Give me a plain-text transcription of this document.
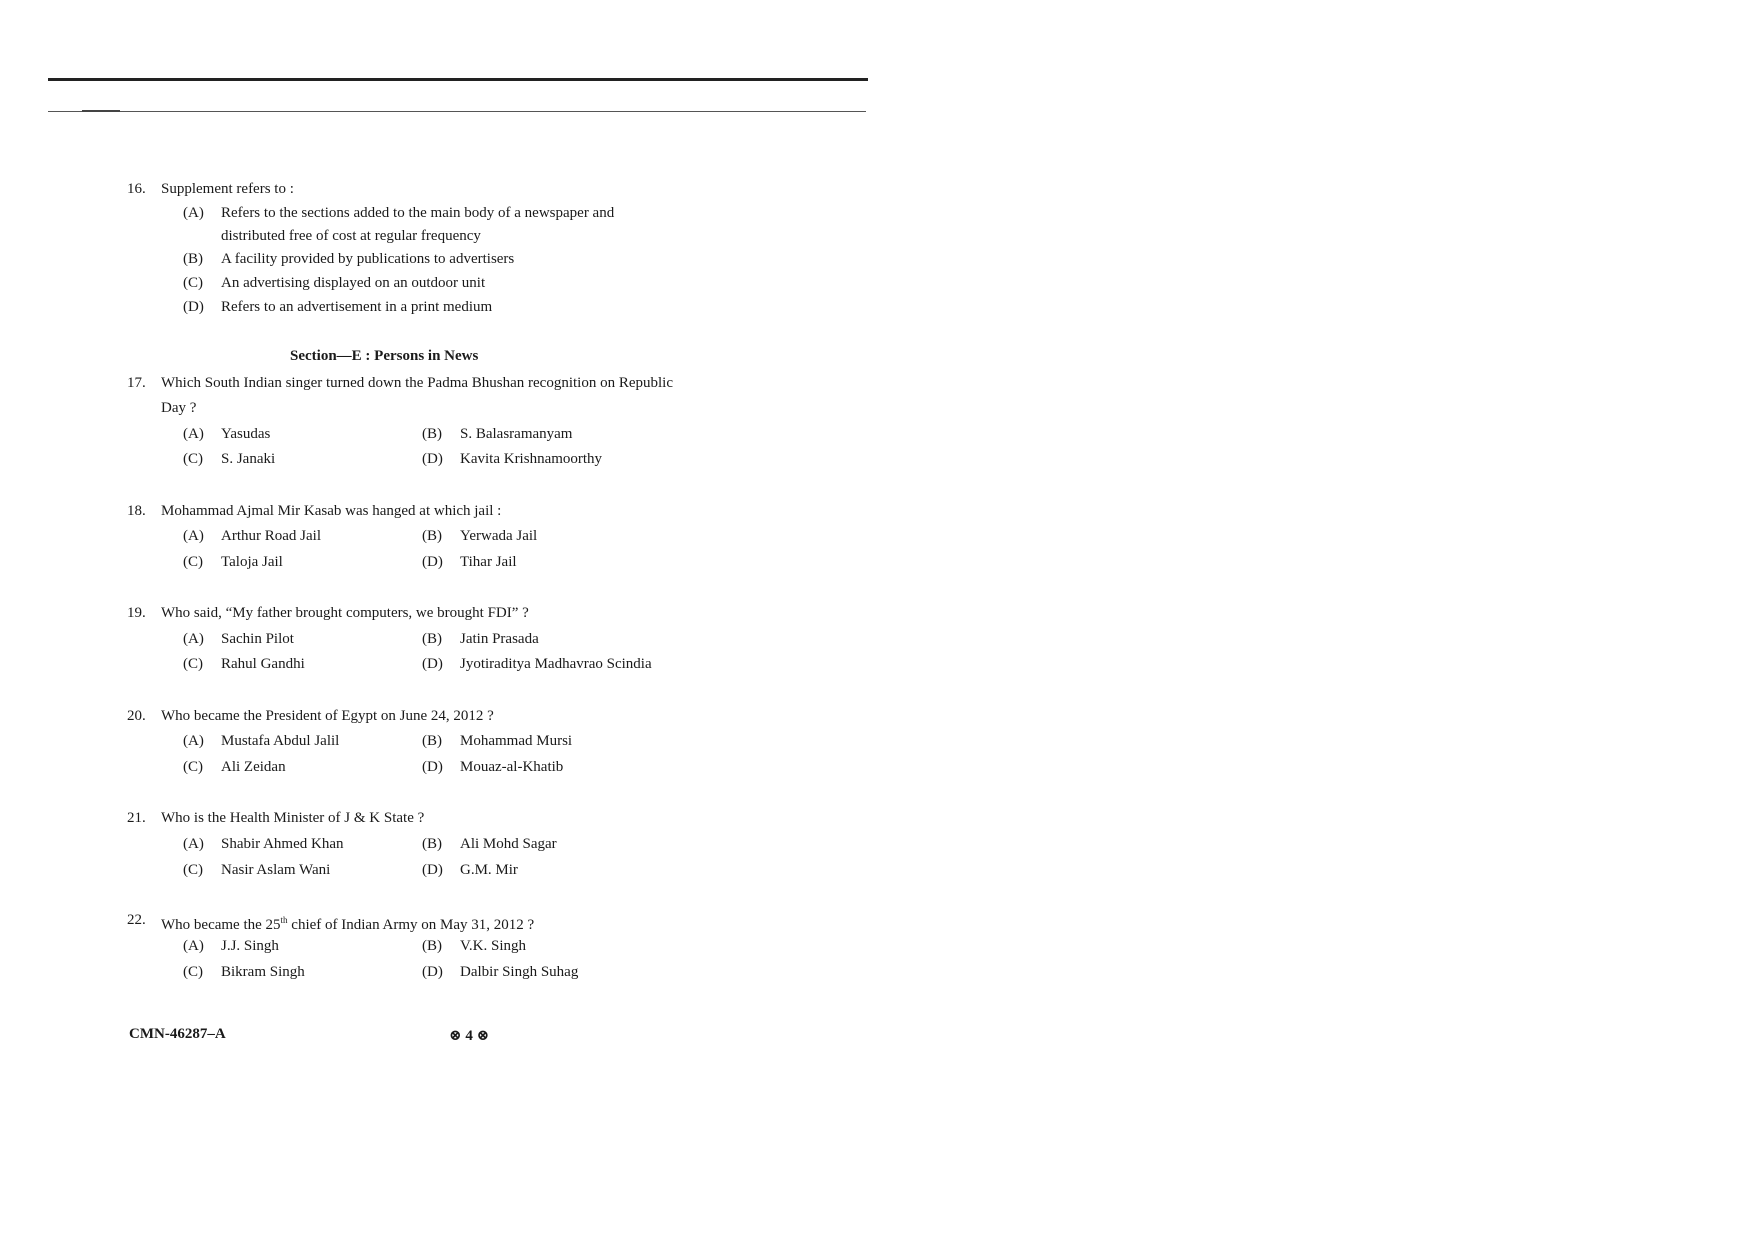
16.	Supplement refers to :
(A) Refers to the sections added to the main body of a newspaper and
distributed free of cost at regular frequency
(B) A facility provided by publications to advertisers
(C) An advertising displayed on an outdoor unit
(D) Refers to an advertisement in a print medium
Section—E : Persons in News
17.	Which South Indian singer turned down the Padma Bhushan recognition on Republic
Day ?
(A) Yasudas	(B) S. Balasramanyam
(C) S. Janaki	(D) Kavita Krishnamoorthy
18.	Mohammad Ajmal Mir Kasab was hanged at which jail :
(A) Arthur Road Jail	(B) Yerwada Jail
(C) Taloja Jail	(D) Tihar Jail
19.	Who said, “My father brought computers, we brought FDI” ?
(A) Sachin Pilot	(B) Jatin Prasada
(C) Rahul Gandhi	(D) Jyotiraditya Madhavrao Scindia
20.	Who became the President of Egypt on June 24, 2012 ?
(A) Mustafa Abdul Jalil	(B) Mohammad Mursi
(C) Ali Zeidan	(D) Mouaz-al-Khatib
21.	Who is the Health Minister of J & K State ?
(A) Shabir Ahmed Khan	(B) Ali Mohd Sagar
(C) Nasir Aslam Wani	(D) G.M. Mir
22.	Who became the 25th chief of Indian Army on May 31, 2012 ?
(A) J.J. Singh	(B) V.K. Singh
(C) Bikram Singh	(D) Dalbir Singh Suhag
CMN-46287–A	⊗ 4 ⊗
